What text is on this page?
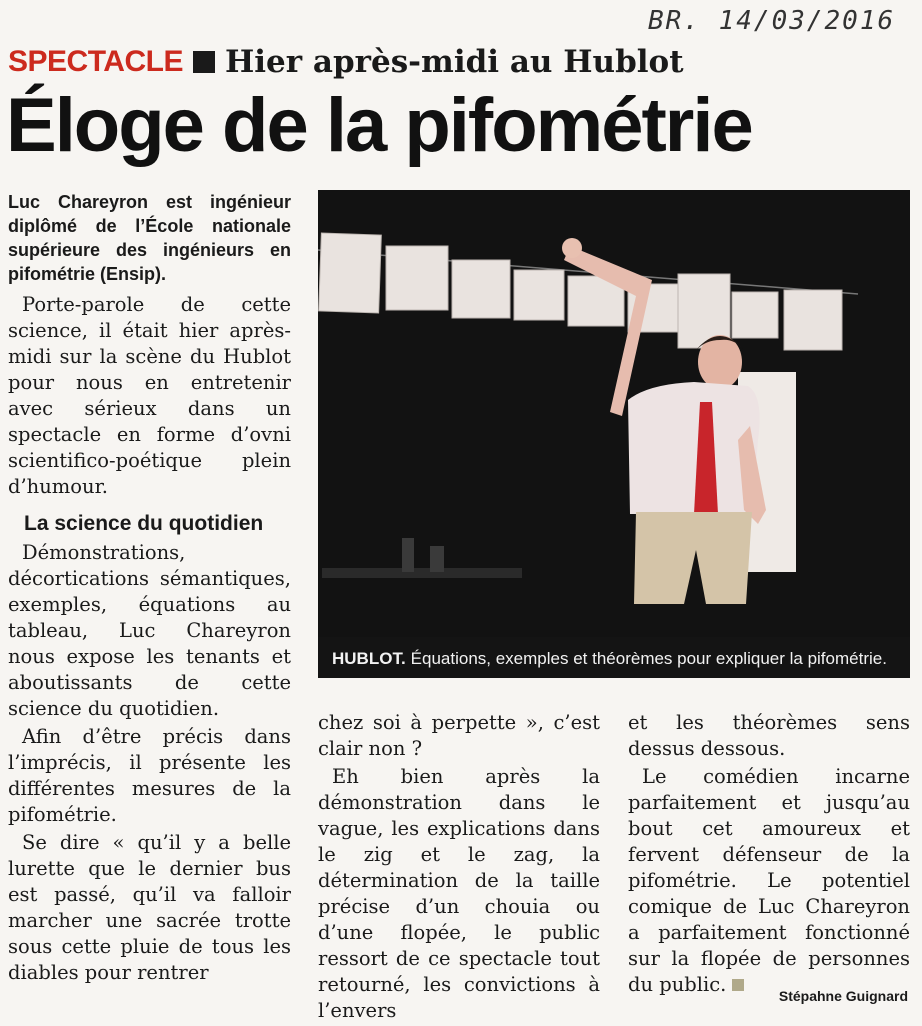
BR. 14/03/2016
SPECTACLE Hier après-midi au Hublot
Éloge de la pifométrie

Luc Chareyron est ingénieur diplômé de l’École nationale supérieure des ingénieurs en pifométrie (Ensip).

Porte-parole de cette science, il était hier après-midi sur la scène du Hublot pour nous en entretenir avec sérieux dans un spectacle en forme d’ovni scientifico-poétique plein d’humour.

La science du quotidien

Démonstrations, décortications sémantiques, exemples, équations au tableau, Luc Chareyron nous expose les tenants et aboutissants de cette science du quotidien.

Afin d’être précis dans l’imprécis, il présente les différentes mesures de la pifométrie.

Se dire « qu’il y a belle lurette que le dernier bus est passé, qu’il va falloir marcher une sacrée trotte sous cette pluie de tous les diables pour rentrer

HUBLOT. Équations, exemples et théorèmes pour expliquer la pifométrie.

chez soi à perpette », c’est clair non ?

Eh bien après la démonstration dans le vague, les explications dans le zig et le zag, la détermination de la taille précise d’un chouia ou d’une flopée, le public ressort de ce spectacle tout retourné, les convictions à l’envers

et les théorèmes sens dessus dessous.

Le comédien incarne parfaitement et jusqu’au bout cet amoureux et fervent défenseur de la pifométrie. Le potentiel comique de Luc Chareyron a parfaitement fonctionné sur la flopée de personnes du public.	Stépahne Guignard
